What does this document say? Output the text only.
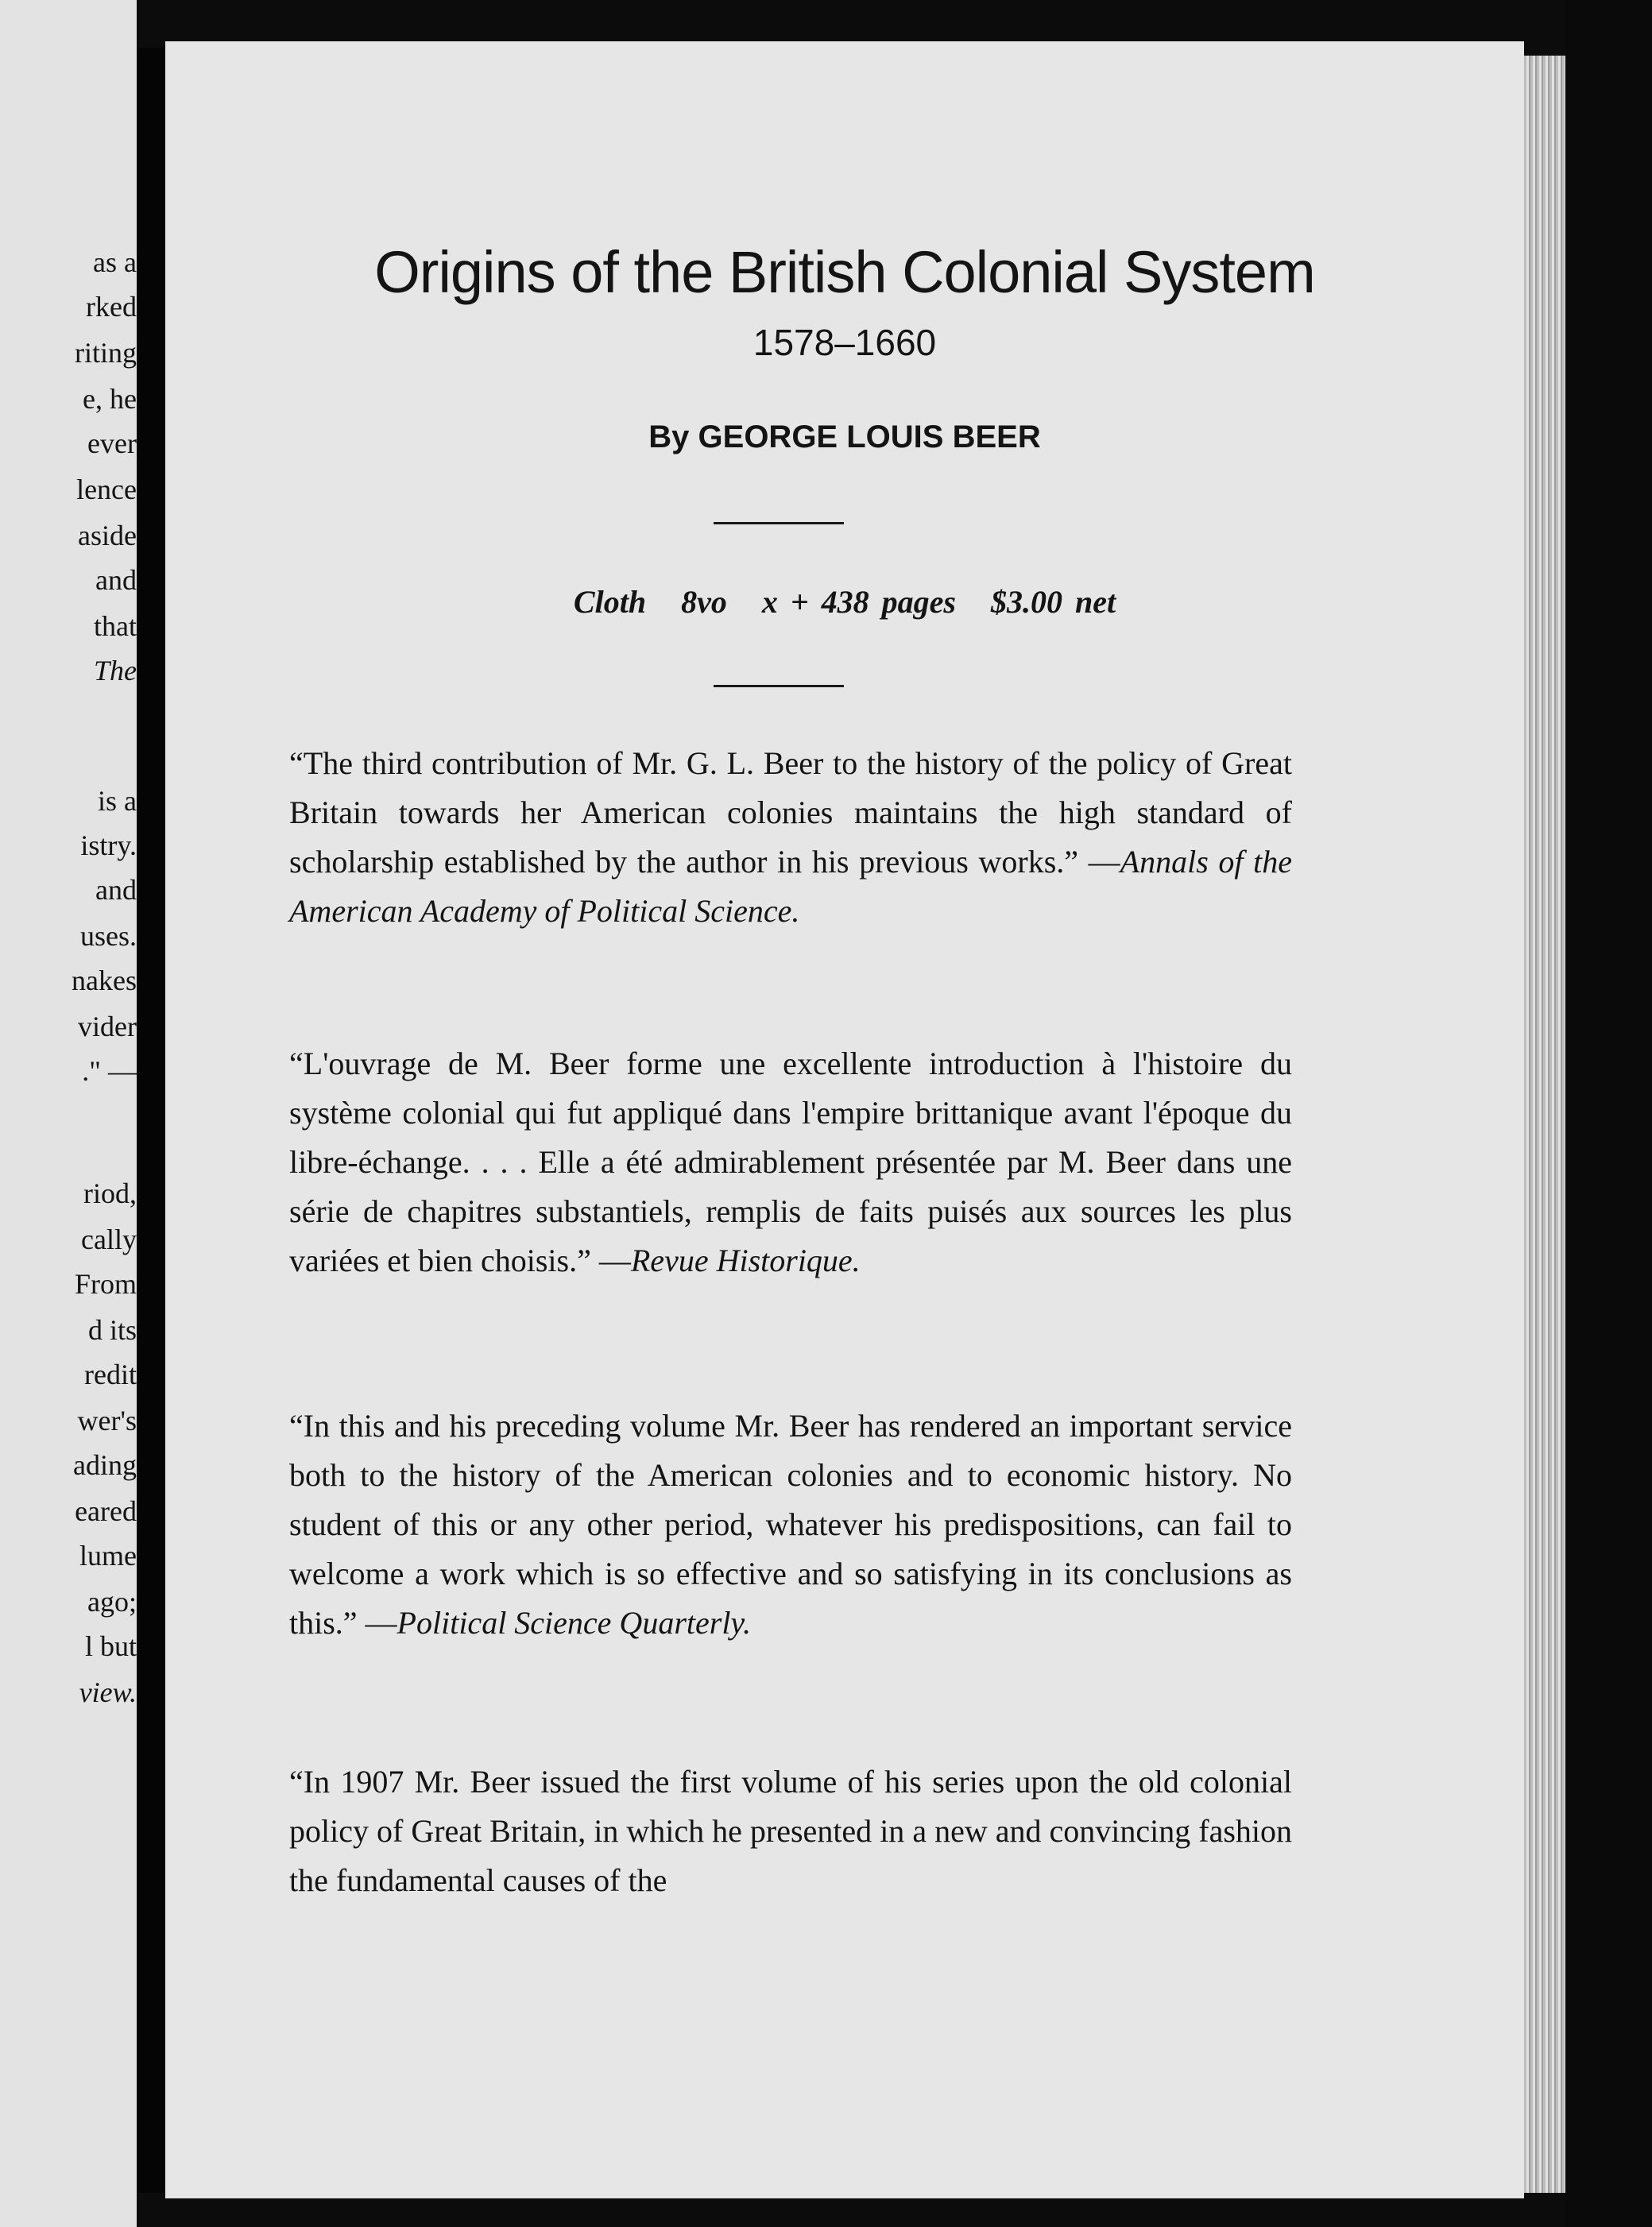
as a
rked
riting
e, he
ever
lence
aside
and
that
The
is a
istry.
and
uses.
nakes
vider
." —
riod,
cally
From
d its
redit
wer's
ading
eared
lume
ago;
l but
view.
Origins of the British Colonial System
1578–1660
By GEORGE LOUIS BEER
Cloth 8vo x + 438 pages $3.00 net
“The third contribution of Mr. G. L. Beer to the history of the policy of Great Britain towards her American colonies maintains the high standard of scholarship established by the author in his previous works.” —Annals of the American Academy of Political Science.
“L'ouvrage de M. Beer forme une excellente introduction à l'histoire du système colonial qui fut appliqué dans l'empire brittanique avant l'époque du libre-échange. . . . Elle a été admirablement présentée par M. Beer dans une série de chapitres substantiels, remplis de faits puisés aux sources les plus variées et bien choisis.” —Revue Historique.
“In this and his preceding volume Mr. Beer has rendered an important service both to the history of the American colonies and to economic history. No student of this or any other period, whatever his predispositions, can fail to welcome a work which is so effective and so satisfying in its conclusions as this.” —Political Science Quarterly.
“In 1907 Mr. Beer issued the first volume of his series upon the old colonial policy of Great Britain, in which he presented in a new and convincing fashion the fundamental causes of the
